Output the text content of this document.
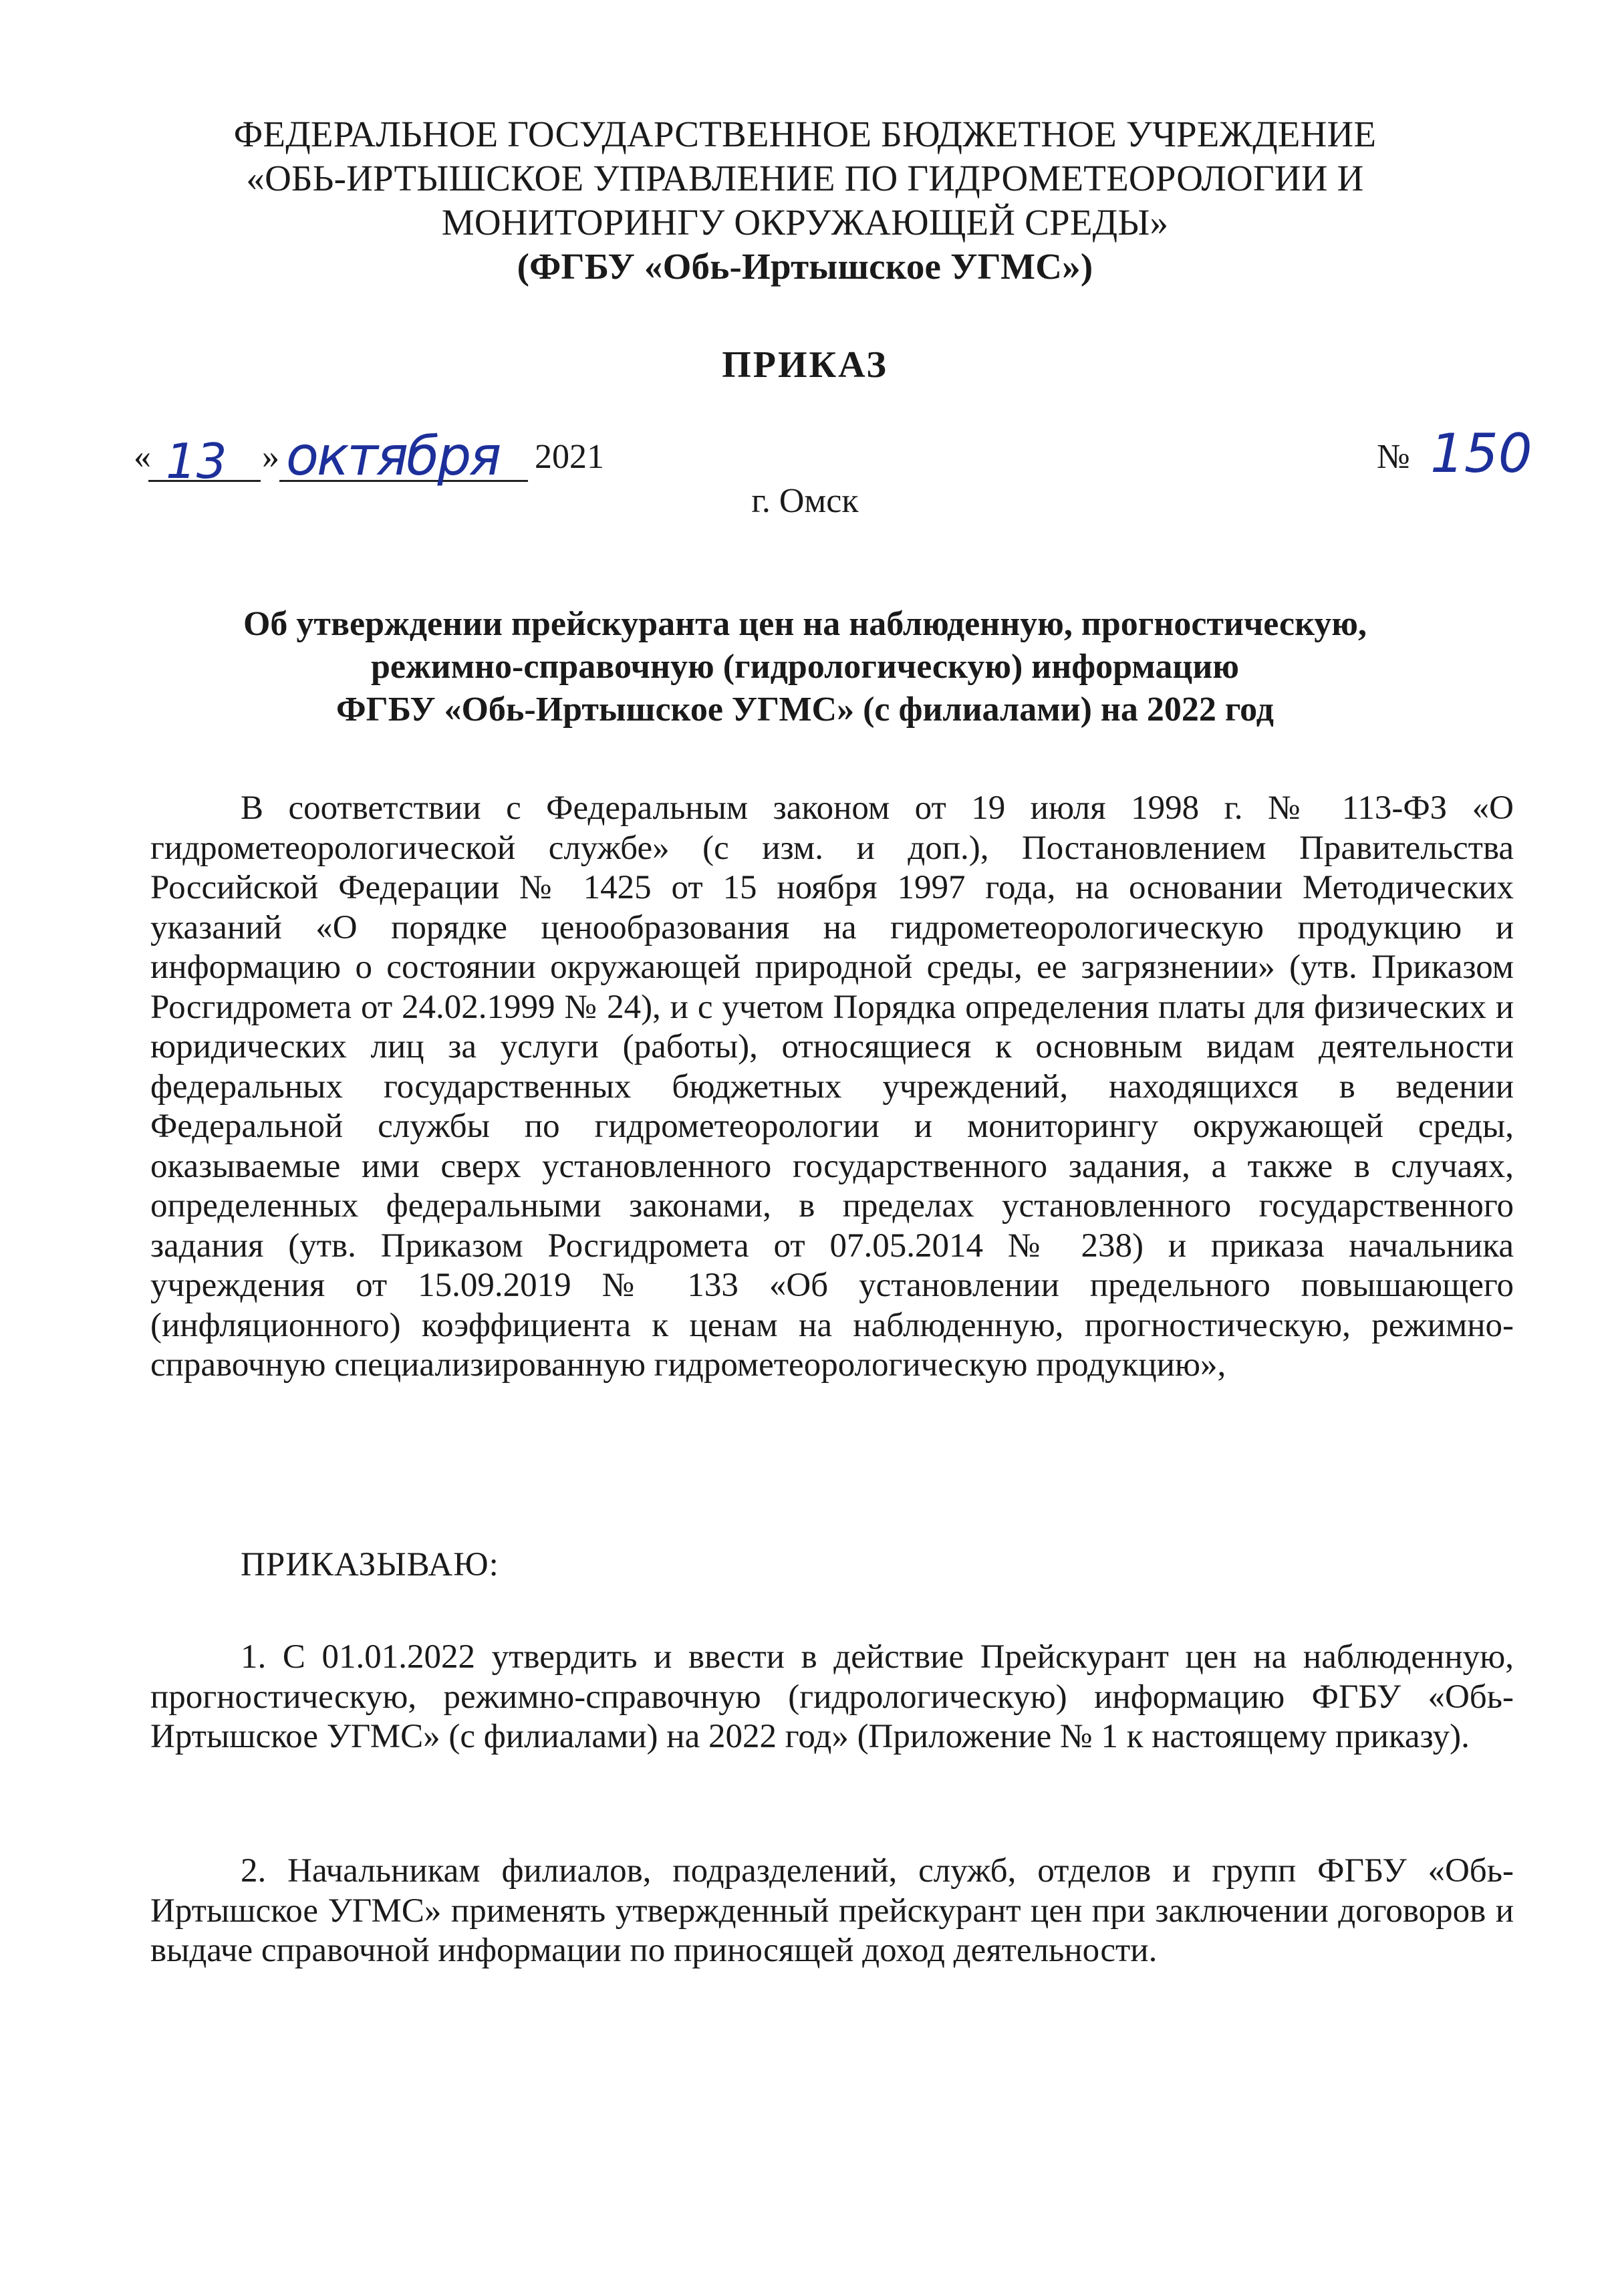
ФЕДЕРАЛЬНОЕ ГОСУДАРСТВЕННОЕ БЮДЖЕТНОЕ УЧРЕЖДЕНИЕ
«ОБЬ-ИРТЫШСКОЕ УПРАВЛЕНИЕ ПО ГИДРОМЕТЕОРОЛОГИИ И
МОНИТОРИНГУ ОКРУЖАЮЩЕЙ СРЕДЫ»
(ФГБУ «Обь-Иртышское УГМС»)
ПРИКАЗ
« 13 » октября 2021	№ 150
г. Омск
Об утверждении прейскуранта цен на наблюденную, прогностическую,
режимно-справочную (гидрологическую) информацию
ФГБУ «Обь-Иртышское УГМС» (с филиалами) на 2022 год
В соответствии с Федеральным законом от 19 июля 1998 г. № 113-ФЗ «О гидрометеорологической службе» (с изм. и доп.), Постановлением Правительства Российской Федерации № 1425 от 15 ноября 1997 года, на основании Методических указаний «О порядке ценообразования на гидрометеорологическую продукцию и информацию о состоянии окружающей природной среды, ее загрязнении» (утв. Приказом Росгидромета от 24.02.1999 № 24), и с учетом Порядка определения платы для физических и юридических лиц за услуги (работы), относящиеся к основным видам деятельности федеральных государственных бюджетных учреждений, находящихся в ведении Федеральной службы по гидрометеорологии и мониторингу окружающей среды, оказываемые ими сверх установленного государственного задания, а также в случаях, определенных федеральными законами, в пределах установленного государственного задания (утв. Приказом Росгидромета от 07.05.2014 № 238) и приказа начальника учреждения от 15.09.2019 № 133 «Об установлении предельного повышающего (инфляционного) коэффициента к ценам на наблюденную, прогностическую, режимно-справочную специализированную гидрометеорологическую продукцию»,
ПРИКАЗЫВАЮ:
1. С 01.01.2022 утвердить и ввести в действие Прейскурант цен на наблюденную, прогностическую, режимно-справочную (гидрологическую) информацию ФГБУ «Обь-Иртышское УГМС» (с филиалами) на 2022 год» (Приложение № 1 к настоящему приказу).
2. Начальникам филиалов, подразделений, служб, отделов и групп ФГБУ «Обь-Иртышское УГМС» применять утвержденный прейскурант цен при заключении договоров и выдаче справочной информации по приносящей доход деятельности.
